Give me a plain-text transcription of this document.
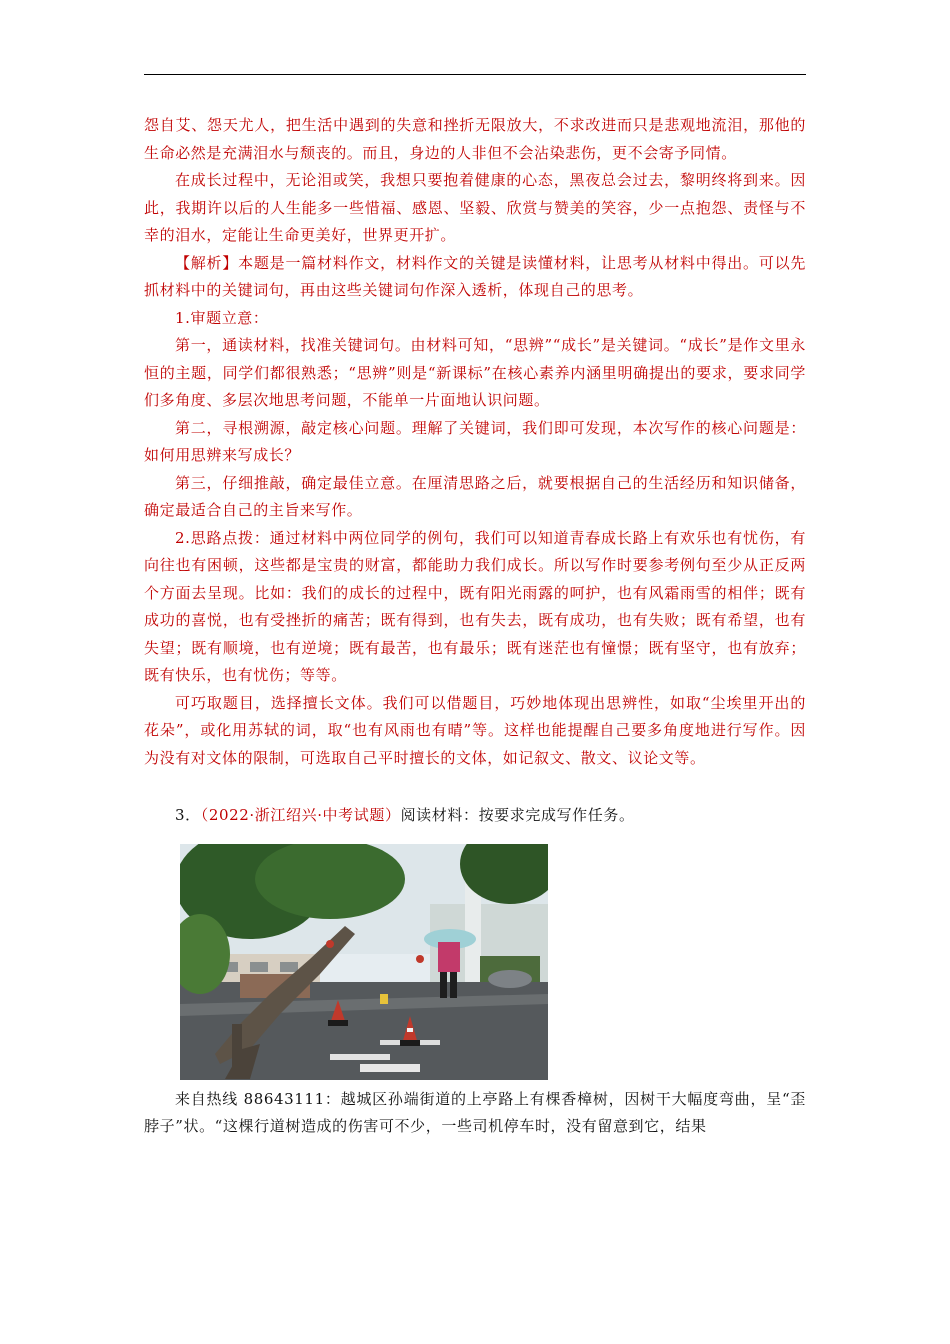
怨自艾、怨天尤人，把生活中遇到的失意和挫折无限放大，不求改进而只是悲观地流泪，那他的生命必然是充满泪水与颓丧的。而且，身边的人非但不会沾染悲伤，更不会寄予同情。

在成长过程中，无论泪或笑，我想只要抱着健康的心态，黑夜总会过去，黎明终将到来。因此，我期许以后的人生能多一些惜福、感恩、坚毅、欣赏与赞美的笑容，少一点抱怨、责怪与不幸的泪水，定能让生命更美好，世界更开扩。

【解析】本题是一篇材料作文，材料作文的关键是读懂材料，让思考从材料中得出。可以先抓材料中的关键词句，再由这些关键词句作深入透析，体现自己的思考。

1.审题立意：

第一，通读材料，找准关键词句。由材料可知，“思辨”“成长”是关键词。“成长”是作文里永恒的主题，同学们都很熟悉；“思辨”则是“新课标”在核心素养内涵里明确提出的要求，要求同学们多角度、多层次地思考问题，不能单一片面地认识问题。

第二，寻根溯源，敲定核心问题。理解了关键词，我们即可发现，本次写作的核心问题是：如何用思辨来写成长？

第三，仔细推敲，确定最佳立意。在厘清思路之后，就要根据自己的生活经历和知识储备，确定最适合自己的主旨来写作。

2.思路点拨：通过材料中两位同学的例句，我们可以知道青春成长路上有欢乐也有忧伤，有向往也有困顿，这些都是宝贵的财富，都能助力我们成长。所以写作时要参考例句至少从正反两个方面去呈现。比如：我们的成长的过程中，既有阳光雨露的呵护，也有风霜雨雪的相伴；既有成功的喜悦，也有受挫折的痛苦；既有得到，也有失去，既有成功，也有失败；既有希望，也有失望；既有顺境，也有逆境；既有最苦，也有最乐；既有迷茫也有憧憬；既有坚守，也有放弃；既有快乐，也有忧伤；等等。

可巧取题目，选择擅长文体。我们可以借题目，巧妙地体现出思辨性，如取“尘埃里开出的花朵”，或化用苏轼的词，取“也有风雨也有晴”等。这样也能提醒自己要多角度地进行写作。因为没有对文体的限制，可选取自己平时擅长的文体，如记叙文、散文、议论文等。

3．（2022·浙江绍兴·中考试题）阅读材料：按要求完成写作任务。

来自热线 88643111：越城区孙端街道的上亭路上有棵香樟树，因树干大幅度弯曲，呈“歪脖子”状。“这棵行道树造成的伤害可不少，一些司机停车时，没有留意到它，结果
